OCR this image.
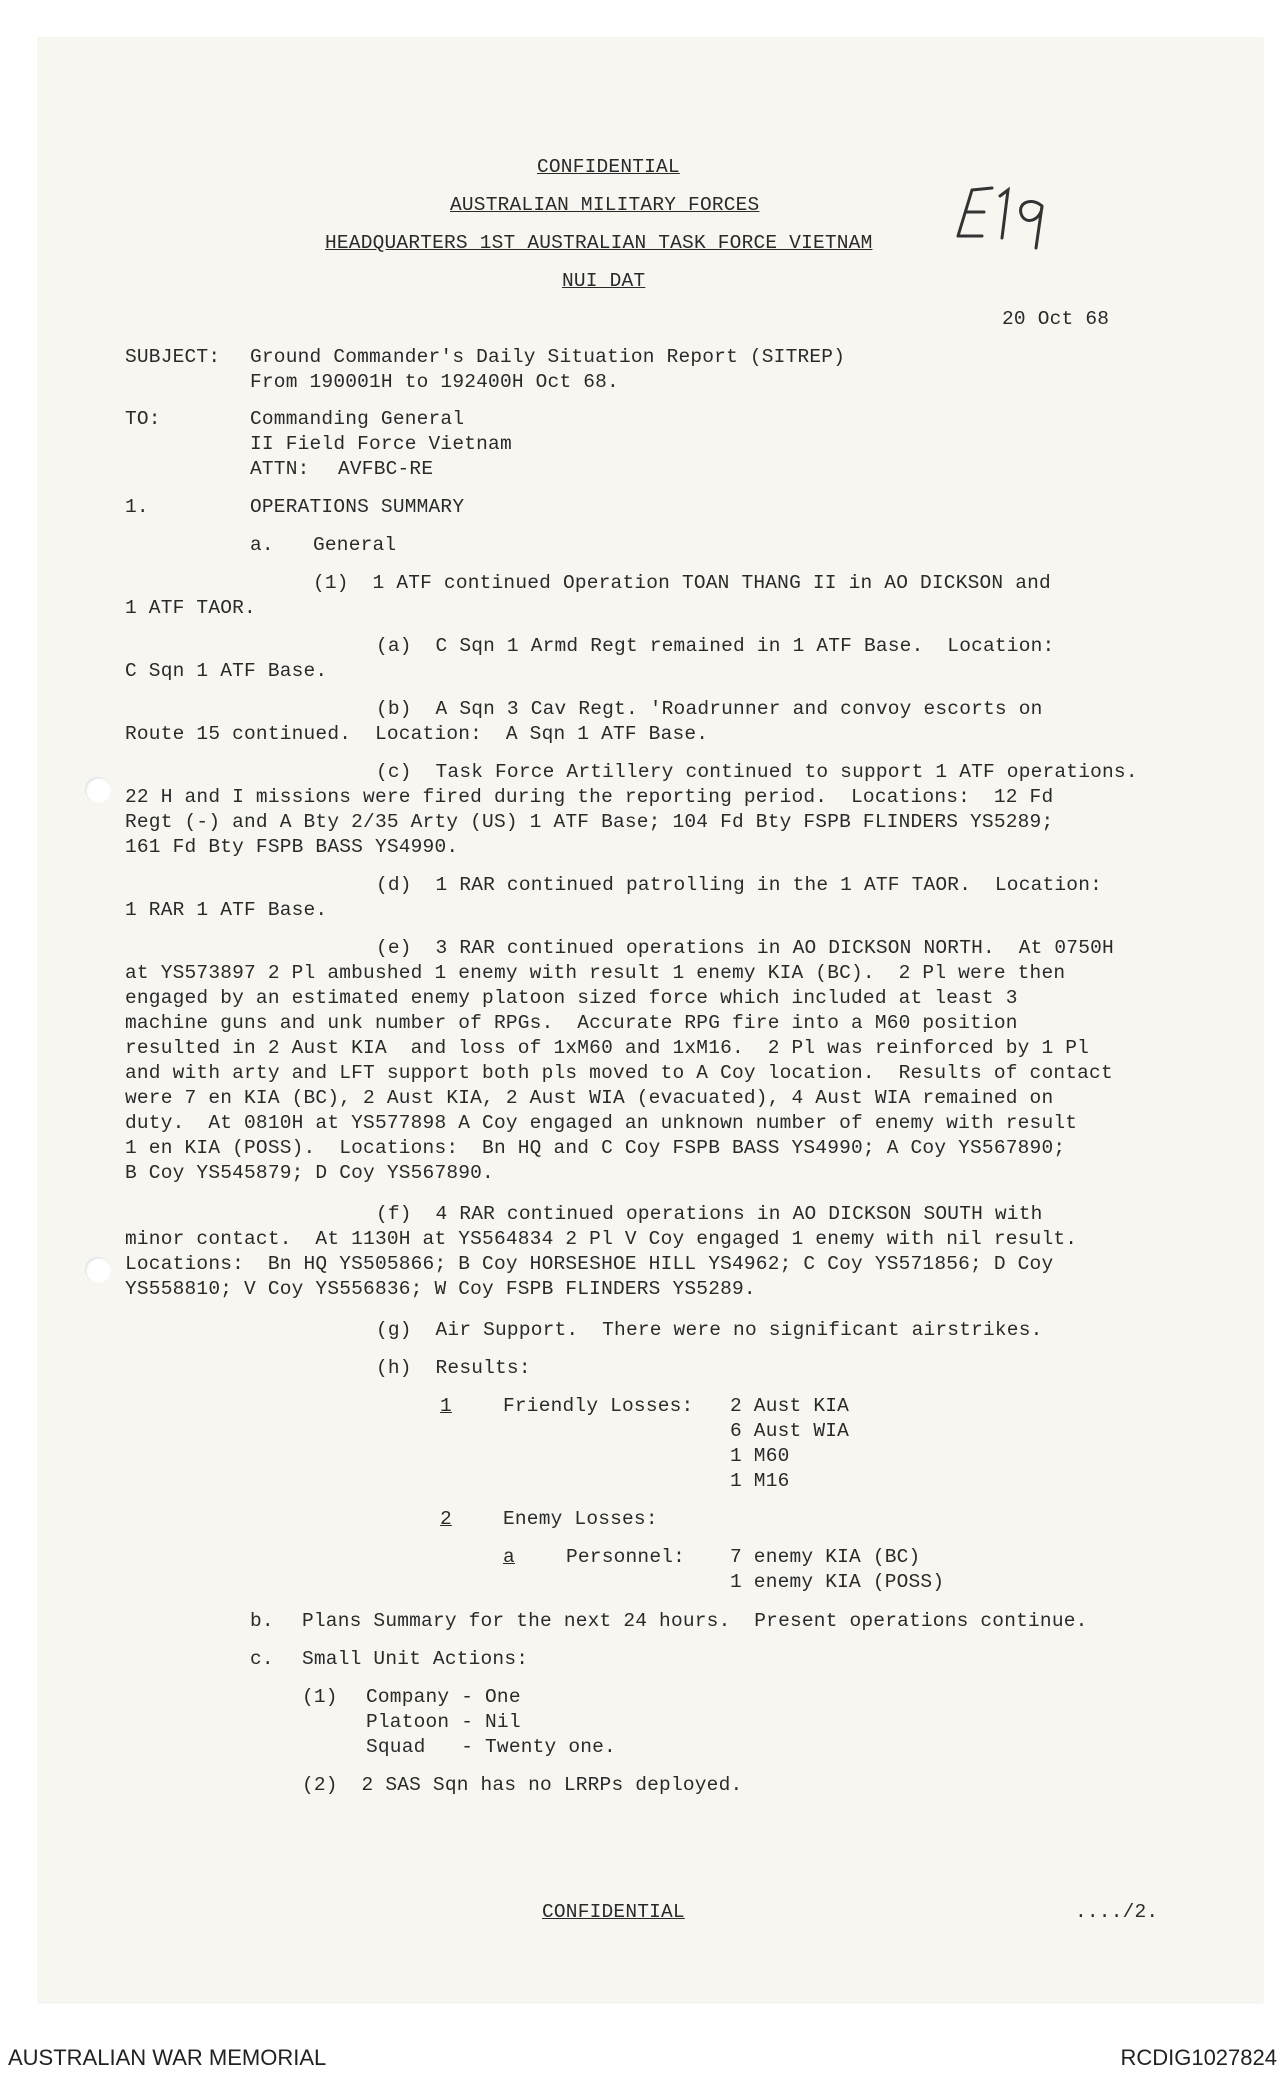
CONFIDENTIAL
AUSTRALIAN MILITARY FORCES
HEADQUARTERS 1ST AUSTRALIAN TASK FORCE VIETNAM
NUI DAT
20 Oct 68
SUBJECT: Ground Commander's Daily Situation Report (SITREP)
From 190001H to 192400H Oct 68.
TO:	Commanding General
II Field Force Vietnam
ATTN: AVFBC-RE
1.	OPERATIONS SUMMARY
a. General
(1)  1 ATF continued Operation TOAN THANG II in AO DICKSON and
1 ATF TAOR.
(a)  C Sqn 1 Armd Regt remained in 1 ATF Base.  Location:
C Sqn 1 ATF Base.
(b)  A Sqn 3 Cav Regt. 'Roadrunner and convoy escorts on
Route 15 continued.  Location:  A Sqn 1 ATF Base.
(c)  Task Force Artillery continued to support 1 ATF operations.
22 H and I missions were fired during the reporting period.  Locations:  12 Fd
Regt (-) and A Bty 2/35 Arty (US) 1 ATF Base; 104 Fd Bty FSPB FLINDERS YS5289;
161 Fd Bty FSPB BASS YS4990.
(d)  1 RAR continued patrolling in the 1 ATF TAOR.  Location:
1 RAR 1 ATF Base.
(e)  3 RAR continued operations in AO DICKSON NORTH.  At 0750H
at YS573897 2 Pl ambushed 1 enemy with result 1 enemy KIA (BC).  2 Pl were then
engaged by an estimated enemy platoon sized force which included at least 3
machine guns and unk number of RPGs.  Accurate RPG fire into a M60 position
resulted in 2 Aust KIA  and loss of 1xM60 and 1xM16.  2 Pl was reinforced by 1 Pl
and with arty and LFT support both pls moved to A Coy location.  Results of contact
were 7 en KIA (BC), 2 Aust KIA, 2 Aust WIA (evacuated), 4 Aust WIA remained on
duty.  At 0810H at YS577898 A Coy engaged an unknown number of enemy with result
1 en KIA (POSS).  Locations:  Bn HQ and C Coy FSPB BASS YS4990; A Coy YS567890;
B Coy YS545879; D Coy YS567890.
(f)  4 RAR continued operations in AO DICKSON SOUTH with
minor contact.  At 1130H at YS564834 2 Pl V Coy engaged 1 enemy with nil result.
Locations:  Bn HQ YS505866; B Coy HORSESHOE HILL YS4962; C Coy YS571856; D Coy
YS558810; V Coy YS556836; W Coy FSPB FLINDERS YS5289.
(g)  Air Support.  There were no significant airstrikes.
(h)  Results:
1	Friendly Losses: 2 Aust KIA
6 Aust WIA
1 M60
1 M16
2	Enemy Losses:
a	Personnel: 7 enemy KIA (BC)
1 enemy KIA (POSS)
b. Plans Summary for the next 24 hours.  Present operations continue.
c. Small Unit Actions:
(1) Company - One
Platoon - Nil
Squad   - Twenty one.
(2)  2 SAS Sqn has no LRRPs deployed.
CONFIDENTIAL	..../2.
AUSTRALIAN WAR MEMORIAL	RCDIG1027824
